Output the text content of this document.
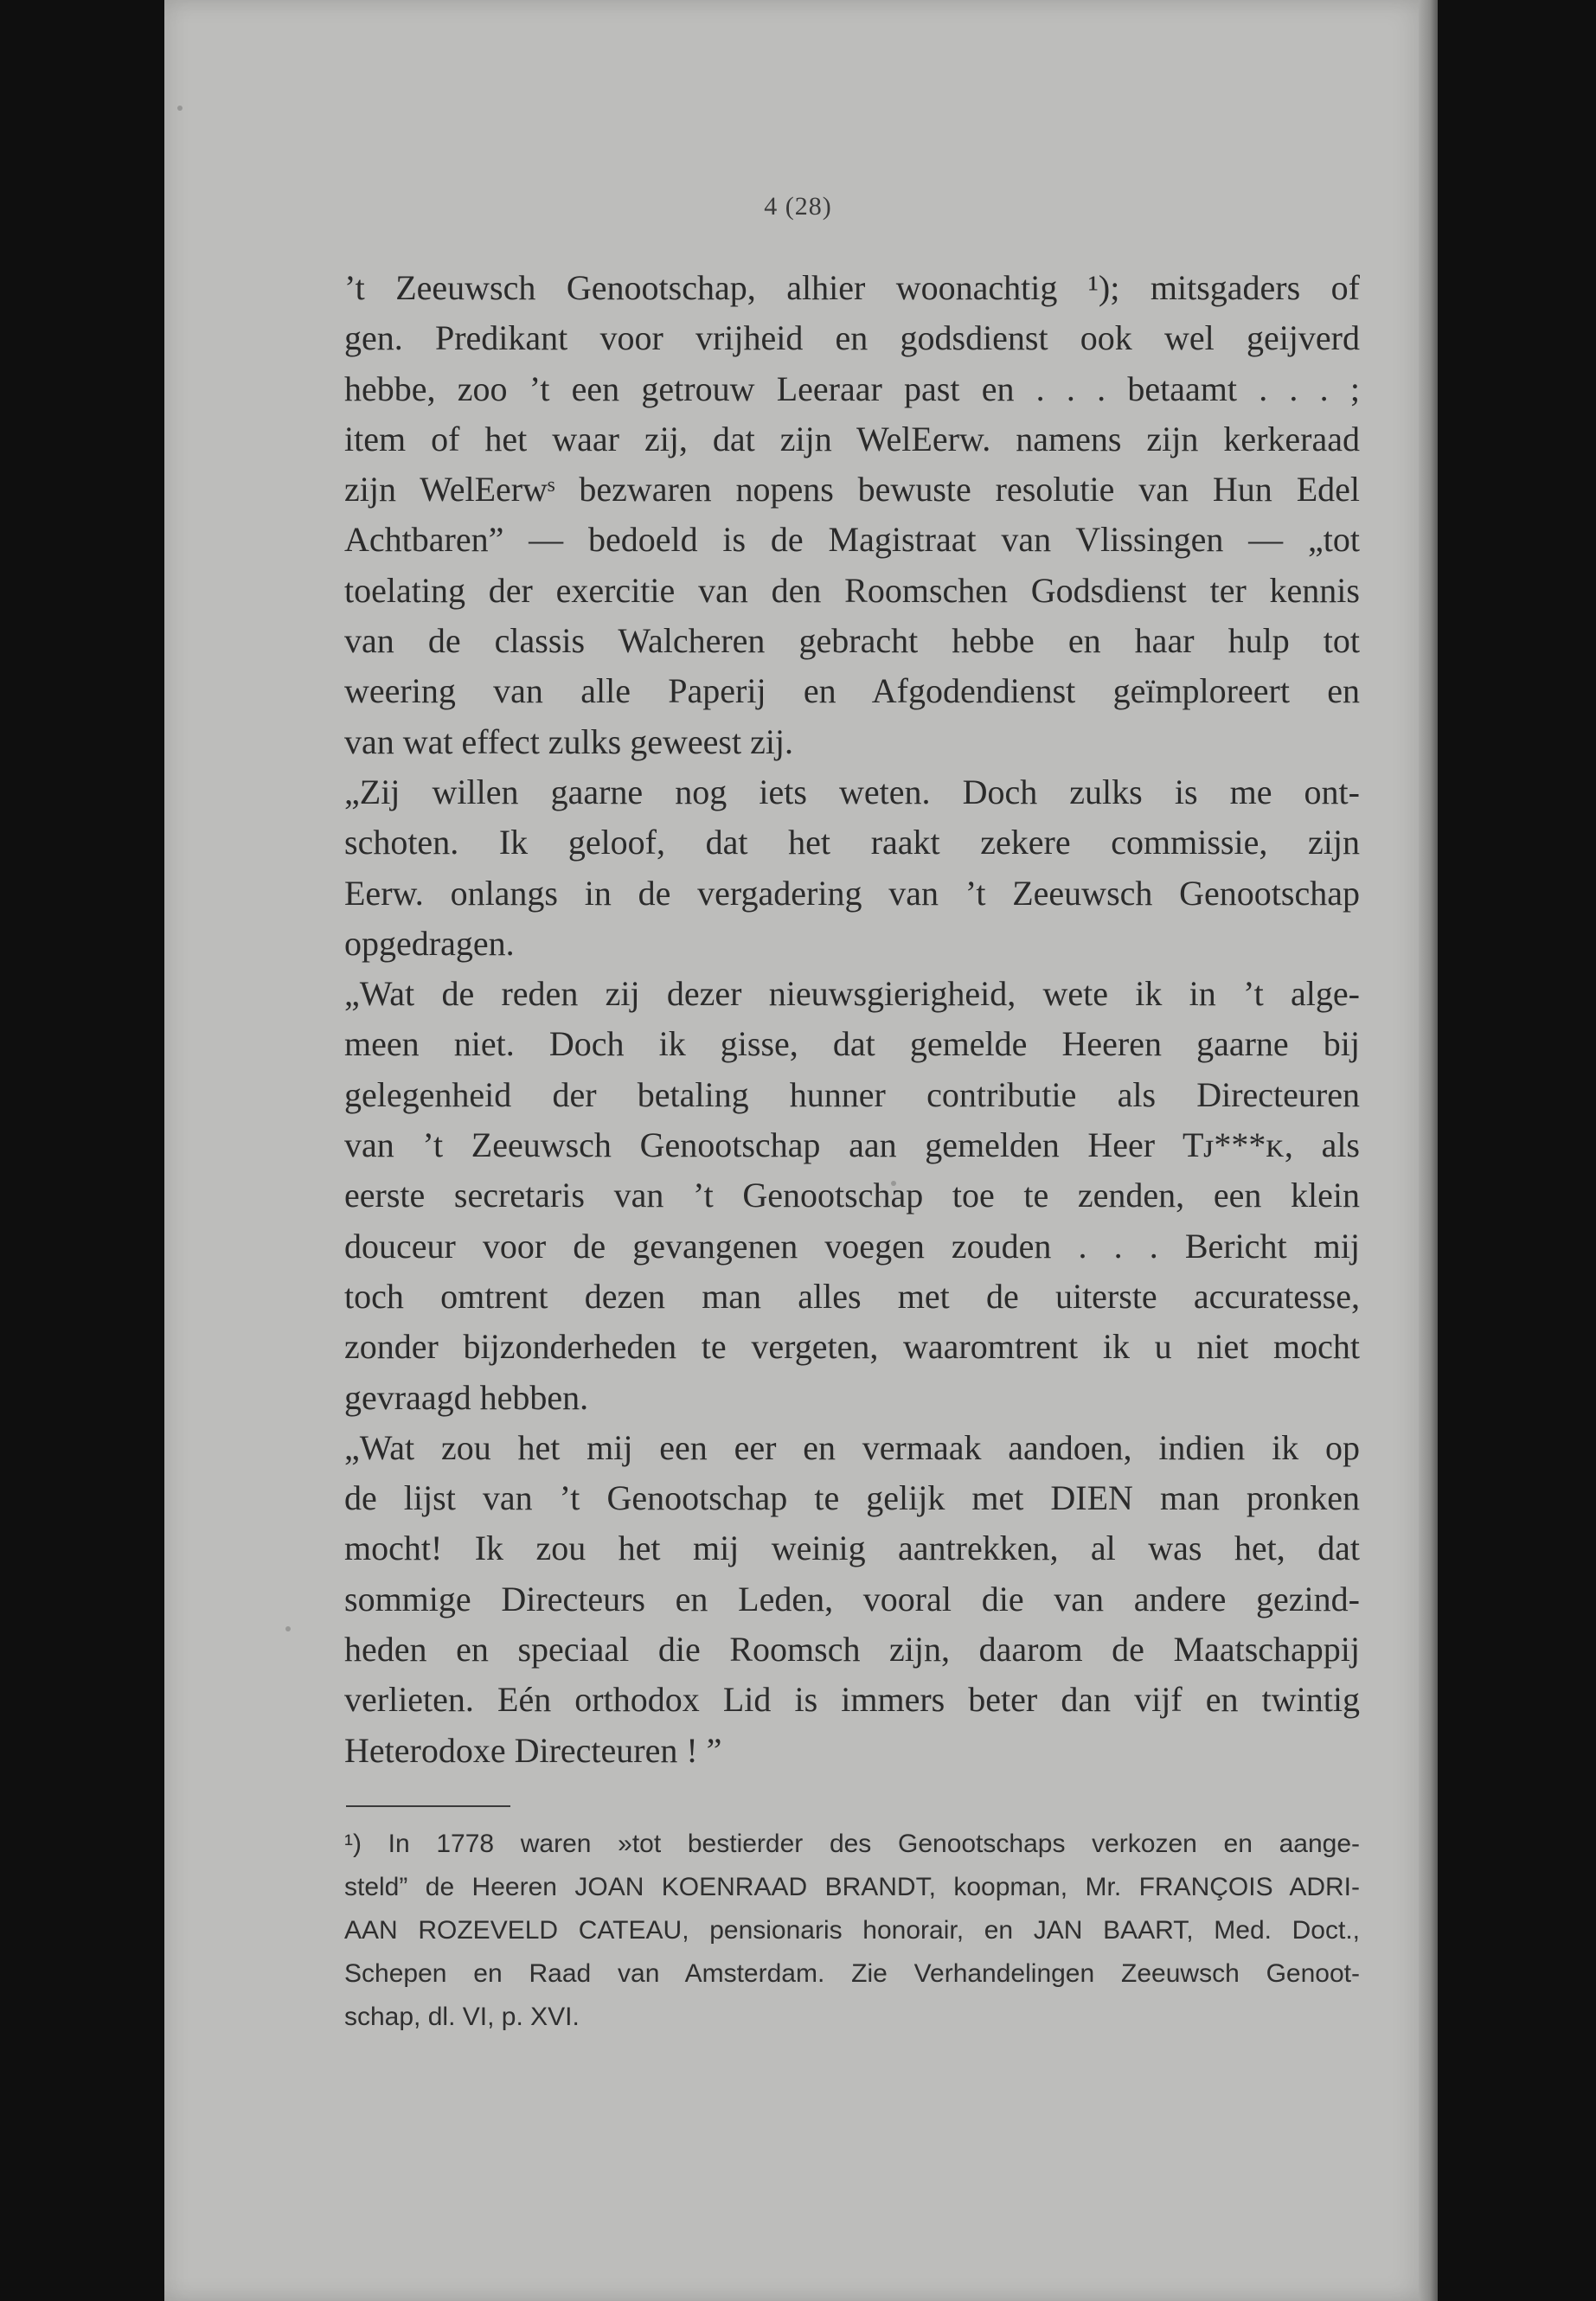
4 (28)
’t Zeeuwsch Genootschap, alhier woonachtig ¹); mitsgaders of
gen. Predikant voor vrijheid en godsdienst ook wel geijverd
hebbe, zoo ’t een getrouw Leeraar past en . . . betaamt . . . ;
item of het waar zij, dat zijn WelEerw. namens zijn kerkeraad
zijn WelEerwˢ bezwaren nopens bewuste resolutie van Hun Edel
Achtbaren” — bedoeld is de Magistraat van Vlissingen — „tot
toelating der exercitie van den Roomschen Godsdienst ter kennis
van de classis Walcheren gebracht hebbe en haar hulp tot
weering van alle Paperij en Afgodendienst geïmploreert en
van wat effect zulks geweest zij.
„Zij willen gaarne nog iets weten. Doch zulks is me ont-
schoten. Ik geloof, dat het raakt zekere commissie, zijn
Eerw. onlangs in de vergadering van ’t Zeeuwsch Genootschap
opgedragen.
„Wat de reden zij dezer nieuwsgierigheid, wete ik in ’t alge-
meen niet. Doch ik gisse, dat gemelde Heeren gaarne bij
gelegenheid der betaling hunner contributie als Directeuren
van ’t Zeeuwsch Genootschap aan gemelden Heer Tᴊ***ᴋ, als
eerste secretaris van ’t Genootschap toe te zenden, een klein
douceur voor de gevangenen voegen zouden . . . Bericht mij
toch omtrent dezen man alles met de uiterste accuratesse,
zonder bijzonderheden te vergeten, waaromtrent ik u niet mocht
gevraagd hebben.
„Wat zou het mij een eer en vermaak aandoen, indien ik op
de lijst van ’t Genootschap te gelijk met DIEN man pronken
mocht! Ik zou het mij weinig aantrekken, al was het, dat
sommige Directeurs en Leden, vooral die van andere gezind-
heden en speciaal die Roomsch zijn, daarom de Maatschappij
verlieten. Eén orthodox Lid is immers beter dan vijf en twintig
Heterodoxe Directeuren ! ”
¹) In 1778 waren »tot bestierder des Genootschaps verkozen en aange-
steld” de Heeren JOAN KOENRAAD BRANDT, koopman, Mr. FRANÇOIS ADRI-
AAN ROZEVELD CATEAU, pensionaris honorair, en JAN BAART, Med. Doct.,
Schepen en Raad van Amsterdam. Zie Verhandelingen Zeeuwsch Genoot-
schap, dl. VI, p. XVI.
